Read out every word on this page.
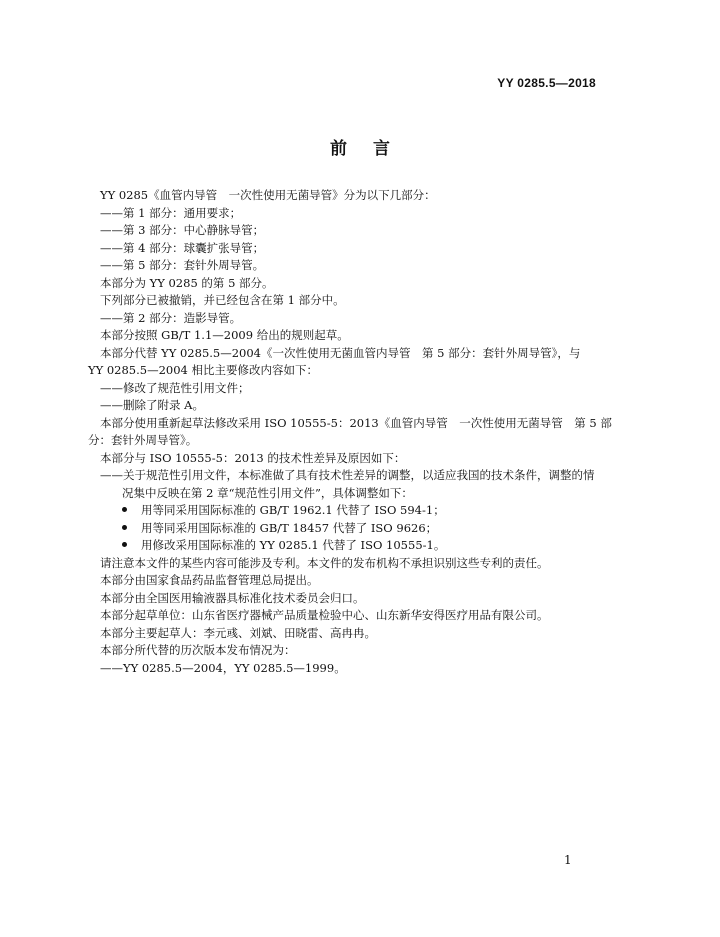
YY 0285.5—2018
前言
YY 0285《血管内导管　一次性使用无菌导管》分为以下几部分：
——第 1 部分：通用要求；
——第 3 部分：中心静脉导管；
——第 4 部分：球囊扩张导管；
——第 5 部分：套针外周导管。
本部分为 YY 0285 的第 5 部分。
下列部分已被撤销，并已经包含在第 1 部分中。
——第 2 部分：造影导管。
本部分按照 GB/T 1.1—2009 给出的规则起草。
本部分代替 YY 0285.5—2004《一次性使用无菌血管内导管　第 5 部分：套针外周导管》，与
YY 0285.5—2004 相比主要修改内容如下：
——修改了规范性引用文件；
——删除了附录 A。
本部分使用重新起草法修改采用 ISO 10555-5：2013《血管内导管　一次性使用无菌导管　第 5 部
分：套针外周导管》。
本部分与 ISO 10555-5：2013 的技术性差异及原因如下：
——关于规范性引用文件，本标准做了具有技术性差异的调整，以适应我国的技术条件，调整的情
况集中反映在第 2 章“规范性引用文件”，具体调整如下：
用等同采用国际标准的 GB/T 1962.1 代替了 ISO 594-1；
用等同采用国际标准的 GB/T 18457 代替了 ISO 9626；
用修改采用国际标准的 YY 0285.1 代替了 ISO 10555-1。
请注意本文件的某些内容可能涉及专利。本文件的发布机构不承担识别这些专利的责任。
本部分由国家食品药品监督管理总局提出。
本部分由全国医用输液器具标准化技术委员会归口。
本部分起草单位：山东省医疗器械产品质量检验中心、山东新华安得医疗用品有限公司。
本部分主要起草人：李元彧、刘斌、田晓雷、高冉冉。
本部分所代替的历次版本发布情况为：
——YY 0285.5—2004，YY 0285.5—1999。
1
